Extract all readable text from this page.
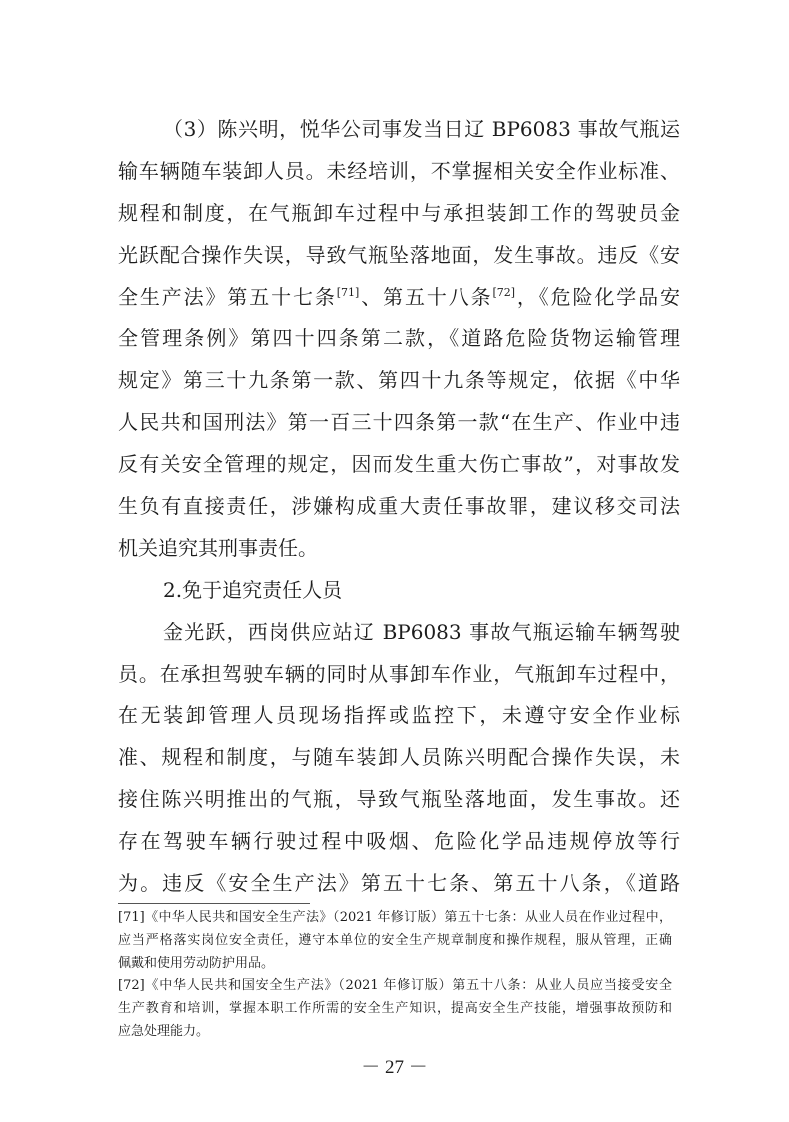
（3）陈兴明，悦华公司事发当日辽 BP6083 事故气瓶运
输车辆随车装卸人员。未经培训，不掌握相关安全作业标准、
规程和制度，在气瓶卸车过程中与承担装卸工作的驾驶员金
光跃配合操作失误，导致气瓶坠落地面，发生事故。违反《安
全生产法》第五十七条[71]、第五十八条[72]，《危险化学品安
全管理条例》第四十四条第二款，《道路危险货物运输管理
规定》第三十九条第一款、第四十九条等规定，依据《中华
人民共和国刑法》第一百三十四条第一款“在生产、作业中违
反有关安全管理的规定，因而发生重大伤亡事故”，对事故发
生负有直接责任，涉嫌构成重大责任事故罪，建议移交司法
机关追究其刑事责任。
2.免于追究责任人员
金光跃，西岗供应站辽 BP6083 事故气瓶运输车辆驾驶
员。在承担驾驶车辆的同时从事卸车作业，气瓶卸车过程中，
在无装卸管理人员现场指挥或监控下，未遵守安全作业标
准、规程和制度，与随车装卸人员陈兴明配合操作失误，未
接住陈兴明推出的气瓶，导致气瓶坠落地面，发生事故。还
存在驾驶车辆行驶过程中吸烟、危险化学品违规停放等行
为。违反《安全生产法》第五十七条、第五十八条，《道路
[71]《中华人民共和国安全生产法》（2021 年修订版）第五十七条：从业人员在作业过程中，
应当严格落实岗位安全责任，遵守本单位的安全生产规章制度和操作规程，服从管理，正确
佩戴和使用劳动防护用品。
[72]《中华人民共和国安全生产法》（2021 年修订版）第五十八条：从业人员应当接受安全
生产教育和培训，掌握本职工作所需的安全生产知识，提高安全生产技能，增强事故预防和
应急处理能力。
－ 27 －
